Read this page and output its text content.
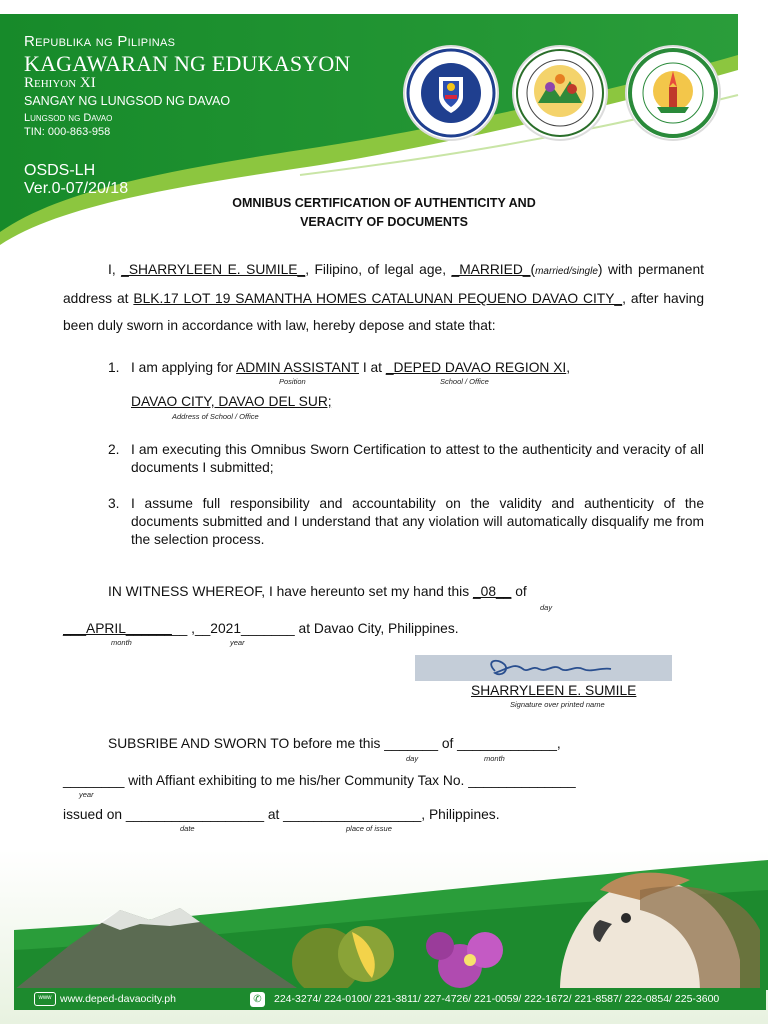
Republika ng Pilipinas
KAGAWARAN NG EDUKASYON
Rehiyon XI
SANGAY NG LUNGSOD NG DAVAO
Lungsod ng Davao
TIN: 000-863-958
OSDS-LH
Ver.0-07/20/18
OMNIBUS CERTIFICATION OF AUTHENTICITY AND
VERACITY OF DOCUMENTS
I, _SHARRYLEEN E. SUMILE_, Filipino, of legal age, _MARRIED_(married/single) with permanent address at BLK.17 LOT 19 SAMANTHA HOMES CATALUNAN PEQUENO DAVAO CITY_, after having been duly sworn in accordance with law, hereby depose and state that:
1. I am applying for ADMIN ASSISTANT I at _DEPED DAVAO REGION XI,
Position	School / Office
DAVAO CITY, DAVAO DEL SUR;
Address of School / Office
2. I am executing this Omnibus Sworn Certification to attest to the authenticity and veracity of all documents I submitted;
3. I assume full responsibility and accountability on the validity and authenticity of the documents submitted and I understand that any violation will automatically disqualify me from the selection process.
IN WITNESS WHEREOF, I have hereunto set my hand this _08__ of
day
___APRIL________ ,__2021_______ at Davao City, Philippines.
month	year
SHARRYLEEN E. SUMILE
Signature over printed name
SUBSRIBE AND SWORN TO before me this _______ of _____________,
day	month
________ with Affiant exhibiting to me his/her Community Tax No. ______________
year
issued on __________________ at __________________, Philippines.
date	place of issue
www www.deped-davaocity.ph	✆	224-3274/ 224-0100/ 221-3811/ 227-4726/ 221-0059/ 222-1672/ 221-8587/ 222-0854/ 225-3600
